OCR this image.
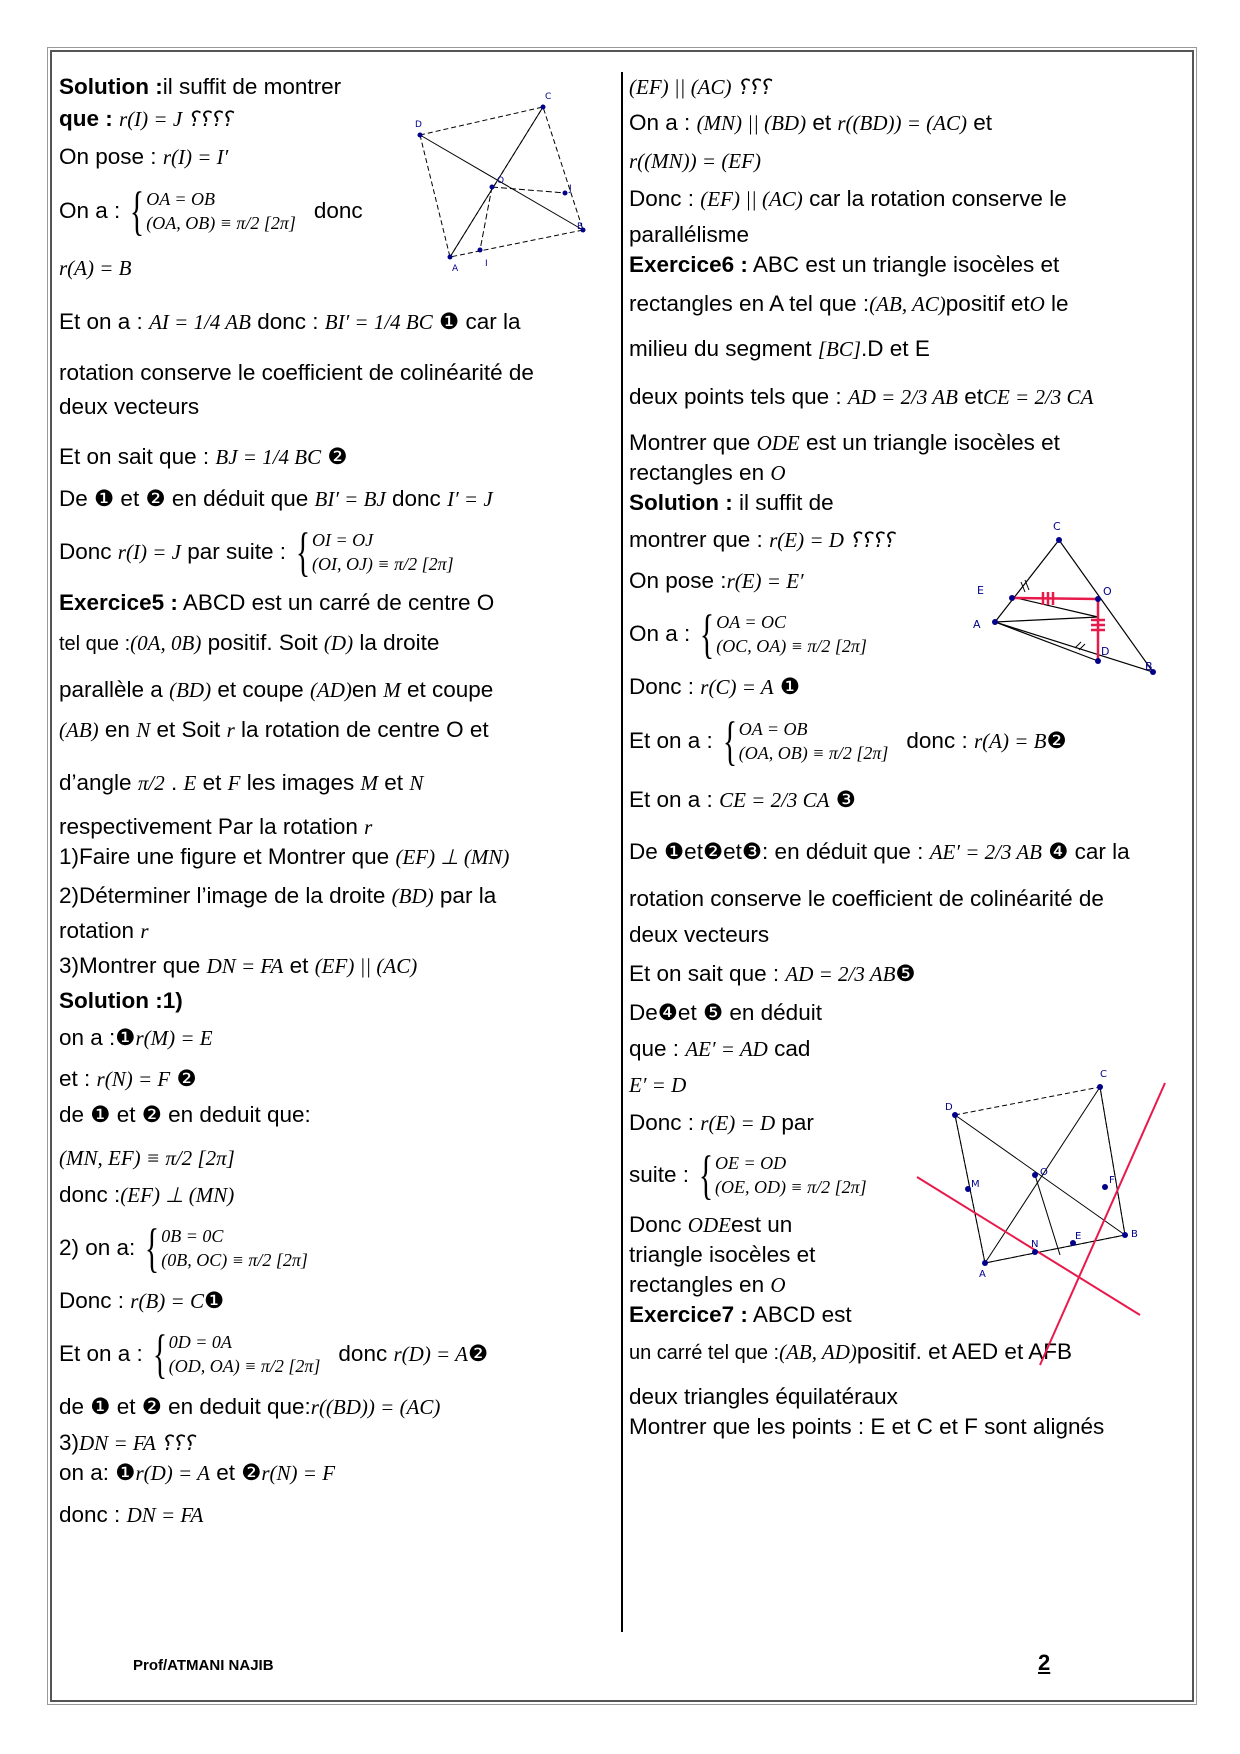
Solution :il suffit de montrer

que : r(I) = J ؟؟؟؟

On pose : r(I) = I′

On a : { OA = OB
(OA, OB) ≡ π/2 [2π] donc

r(A) = B

Et on a : AI = 1/4 AB donc : BI′ = 1/4 BC ❶ car la

rotation conserve le coefficient de colinéarité de

deux vecteurs

Et on sait que : BJ = 1/4 BC ❷

De ❶ et ❷ en déduit que BI′ = BJ donc I′ = J

Donc
r(I) = J
par suite : { OI = OJ
(OI, OJ) ≡ π/2 [2π]

Exercice5 : ABCD est un carré de centre O

tel que :(0A, 0B) positif. Soit (D) la droite

parallèle a (BD) et coupe (AD)en M et coupe

(AB) en N et Soit r la rotation de centre O et

d’angle π/2 . E et F les images M et N

respectivement Par la rotation r

1)Faire une figure et Montrer que (EF) ⊥ (MN)

2)Déterminer l’image de la droite (BD) par la

rotation r

3)Montrer que DN = FA et (EF) || (AC)

Solution :1)

on a :❶r(M) = E

et : r(N) = F ❷

de ❶ et ❷ en deduit que:

(MN, EF) ≡ π/2 [2π]

donc :(EF) ⊥ (MN)

2) on a: { 0B = 0C
(0B, OC) ≡ π/2 [2π]

Donc : r(B) = C❶

Et on a : { 0D = 0A
(OD, OA) ≡ π/2 [2π] donc
r(D) = A ❷

de ❶ et ❷ en deduit que:r((BD)) = (AC)

3)DN = FA ؟؟؟

on a: ❶r(D) = A et ❷r(N) = F

donc : DN = FA

(EF) || (AC) ؟؟؟

On a : (MN) || (BD) et r((BD)) = (AC) et

r((MN)) = (EF)

Donc : (EF) || (AC) car la rotation conserve le

parallélisme

Exercice6 : ABC est un triangle isocèles et

rectangles en A tel que :(AB, AC)positif etO le

milieu du segment [BC].D et E

deux points tels que : AD = 2/3 AB etCE = 2/3 CA

Montrer que ODE est un triangle isocèles et

rectangles en O

Solution : il suffit de

montrer que : r(E) = D ؟؟؟؟

On pose :r(E) = E′

On a : { OA = OC
(OC, OA) ≡ π/2 [2π]

Donc : r(C) = A ❶

Et on a : { OA = OB
(OA, OB) ≡ π/2 [2π] donc :
r(A) = B ❷

Et on a : CE = 2/3 CA ❸

De ❶et❷et❸: en déduit que : AE′ = 2/3 AB ❹ car la

rotation conserve le coefficient de colinéarité de

deux vecteurs

Et on sait que : AD = 2/3 AB❺

De❹et ❺ en déduit

que : AE′ = AD cad

E′ = D

Donc : r(E) = D par

suite : { OE = OD
(OE, OD) ≡ π/2 [2π]

Donc ODEest un

triangle isocèles et

rectangles en O

Exercice7 : ABCD est

un carré tel que :(AB, AD)positif. et AED et AFB

deux triangles équilatéraux

Montrer que les points : E et C et F sont alignés

C
D
O
J
B
A	I
C
E	O
A
D
B
C
D
O
F
M
B
A
N
E
Prof/ATMANI NAJIB	2
